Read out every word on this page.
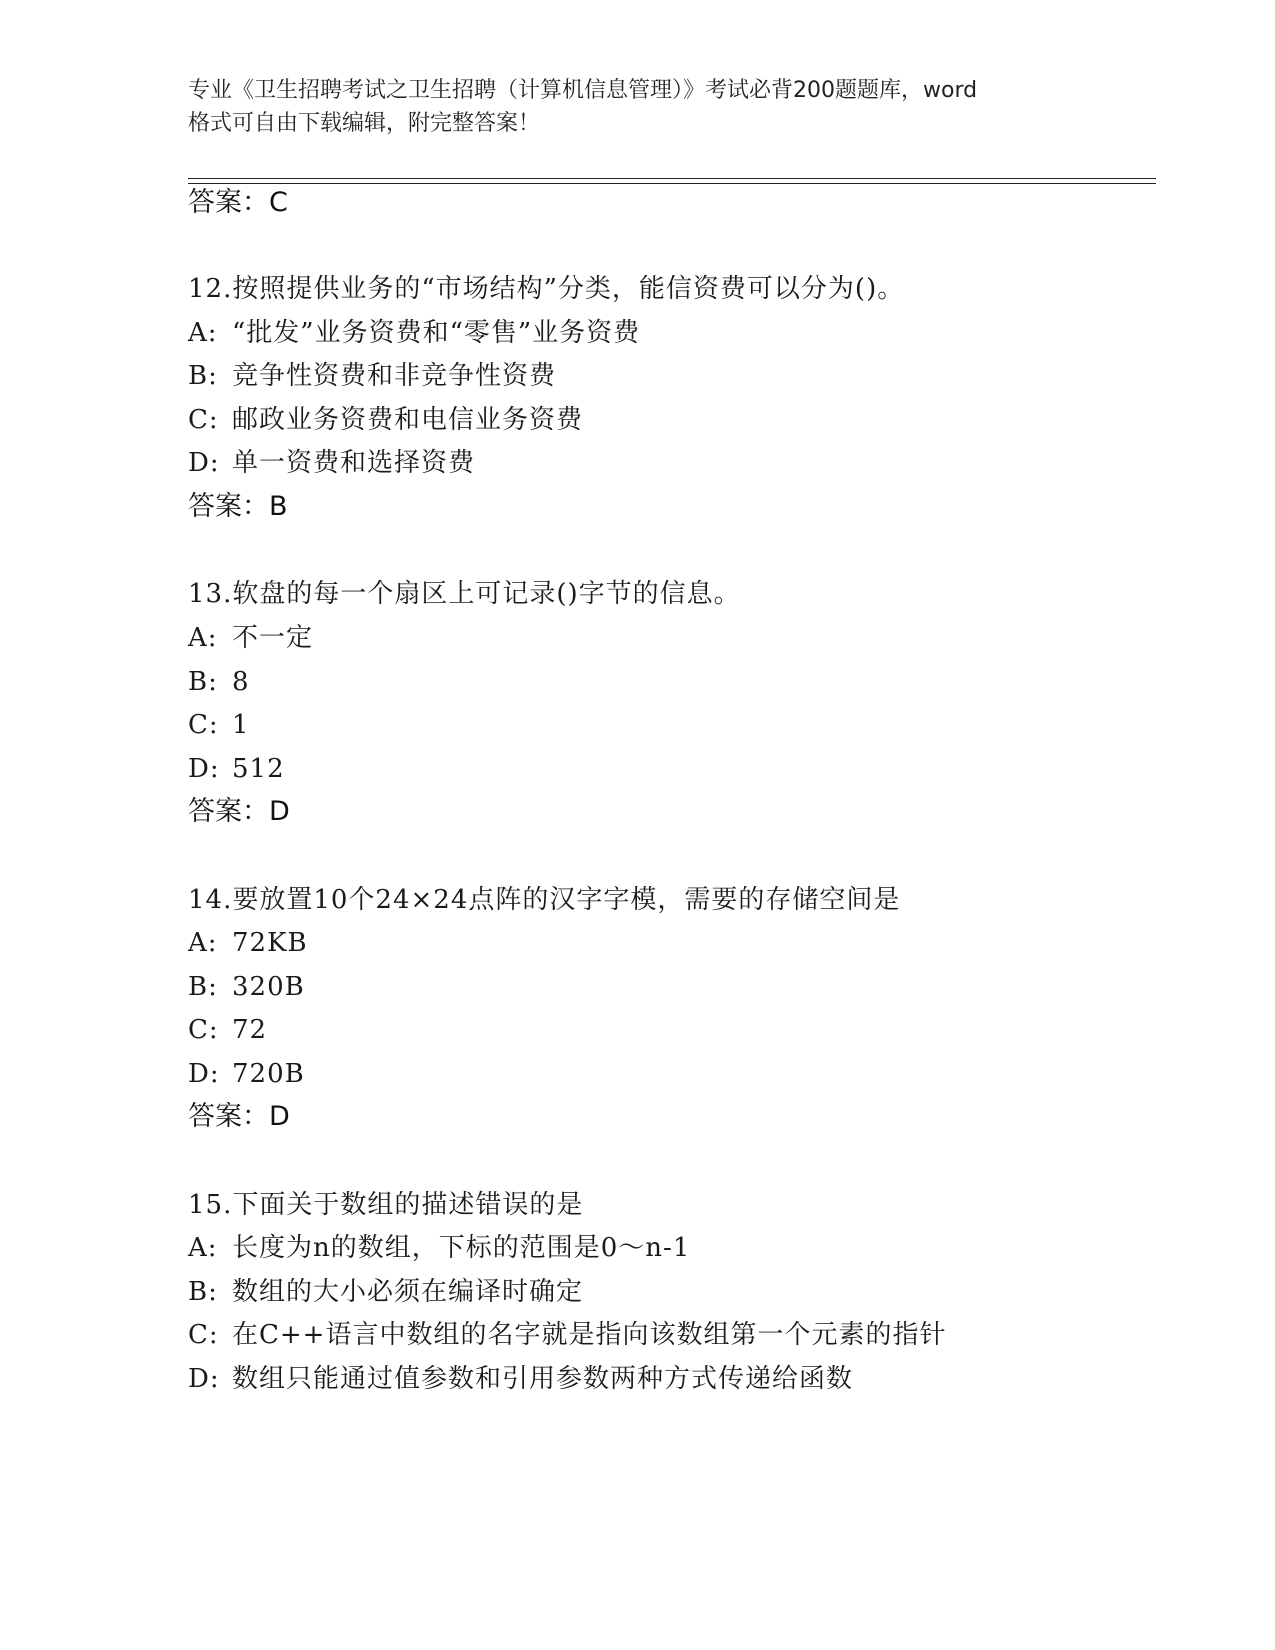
专业《卫生招聘考试之卫生招聘（计算机信息管理）》考试必背200题题库，word
格式可自由下载编辑，附完整答案！
答案：C
12.按照提供业务的“市场结构”分类，能信资费可以分为()。
A: “批发”业务资费和“零售”业务资费
B: 竞争性资费和非竞争性资费
C: 邮政业务资费和电信业务资费
D: 单一资费和选择资费
答案：B
13.软盘的每一个扇区上可记录()字节的信息。
A: 不一定
B: 8
C: 1
D: 512
答案：D
14.要放置10个24×24点阵的汉字字模，需要的存储空间是
A: 72KB
B: 320B
C: 72
D: 720B
答案：D
15.下面关于数组的描述错误的是
A: 长度为n的数组，下标的范围是0～n-1
B: 数组的大小必须在编译时确定
C: 在C++语言中数组的名字就是指向该数组第一个元素的指针
D: 数组只能通过值参数和引用参数两种方式传递给函数
